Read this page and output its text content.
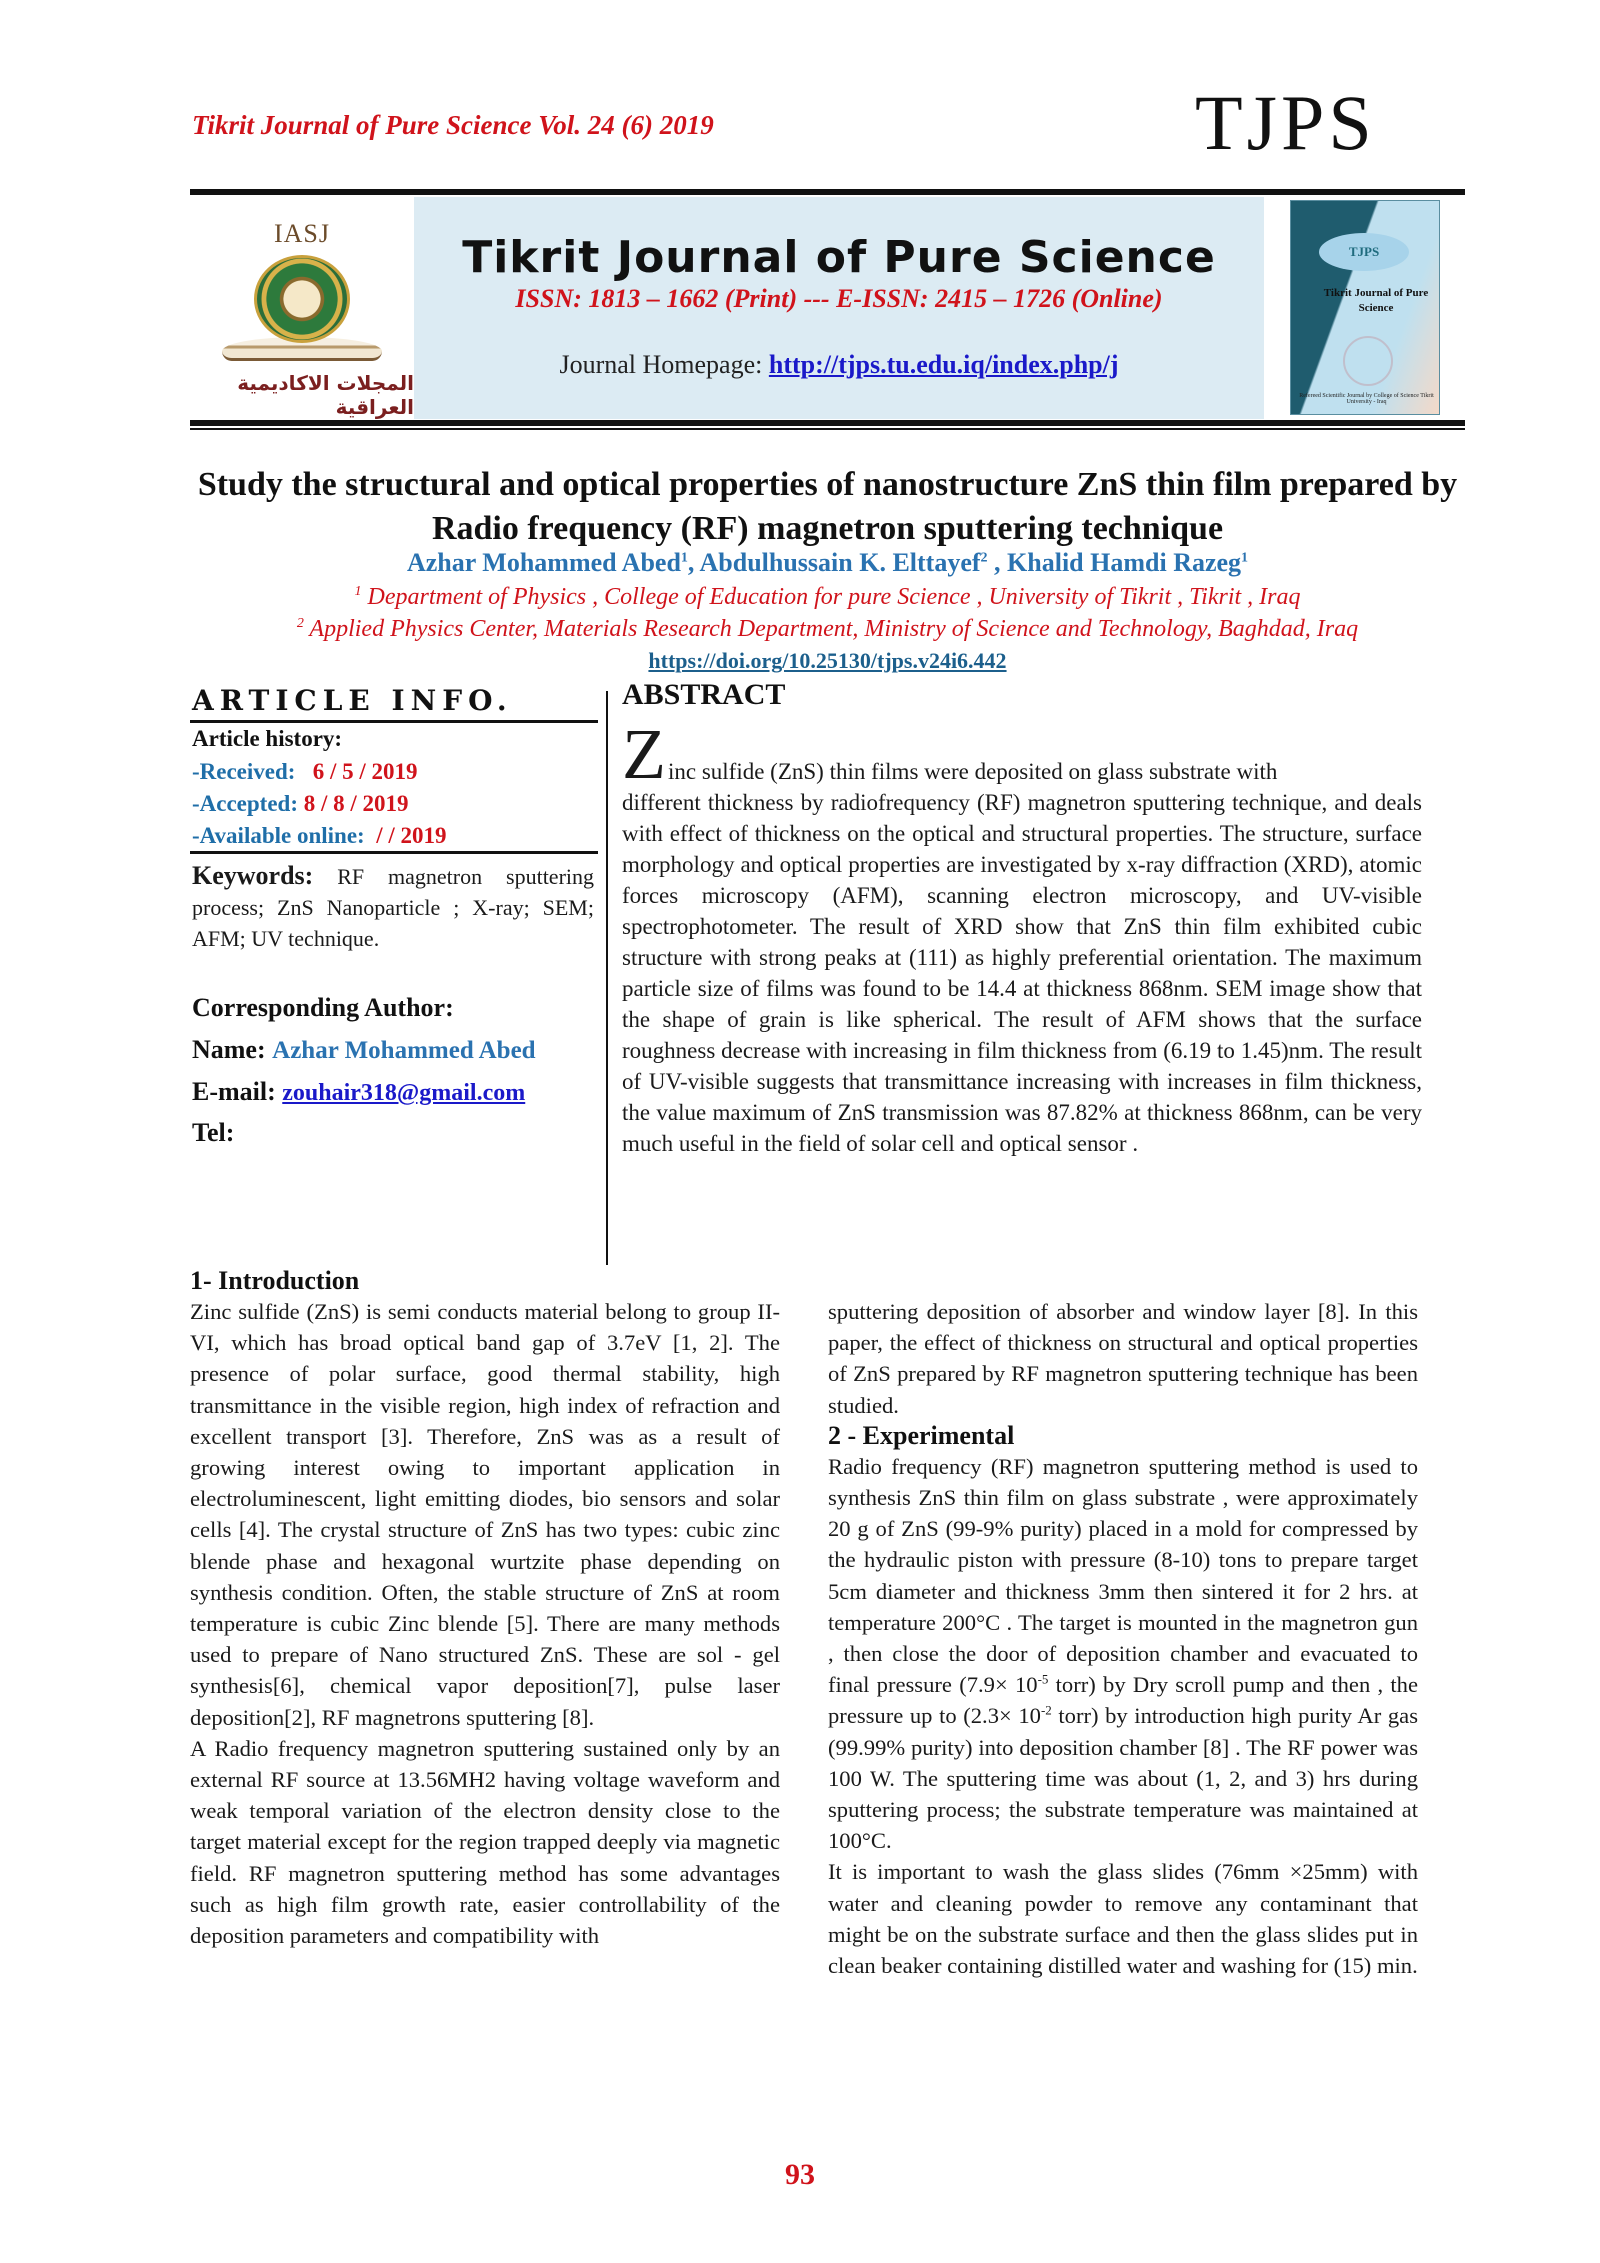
Tikrit Journal of Pure Science Vol. 24 (6) 2019	TJPS
IASJ
المجلات الاكاديمية العراقية
Tikrit Journal of Pure Science
ISSN: 1813 – 1662 (Print) --- E-ISSN: 2415 – 1726 (Online)
Journal Homepage: http://tjps.tu.edu.iq/index.php/j
TJPS
Tikrit Journal of Pure Science
Refereed Scientific Journal by College of Science Tikrit University - Iraq
Study the structural and optical properties of nanostructure ZnS thin film prepared by Radio frequency (RF) magnetron sputtering technique
Azhar Mohammed Abed$^1$, Abdulhussain K. Elttayef$^2$ , Khalid Hamdi Razeg$^1$
$^1$ Department of Physics , College of Education for pure Science , University of Tikrit , Tikrit , Iraq
$^2$ Applied Physics Center, Materials Research Department, Ministry of Science and Technology, Baghdad, Iraq
https://doi.org/10.25130/tjps.v24i6.442
ARTICLE INFO.
Article history:
-Received: 6 / 5 / 2019
-Accepted: 8 / 8 / 2019
-Available online: / / 2019
Keywords: RF magnetron sputtering process; ZnS Nanoparticle ; X-ray; SEM; AFM; UV technique.
Corresponding Author:
Name: Azhar Mohammed Abed
E-mail: zouhair318@gmail.com
Tel:
ABSTRACT
Z inc sulfide (ZnS) thin films were deposited on glass substrate with
different thickness by radiofrequency (RF) magnetron sputtering technique, and deals with effect of thickness on the optical and structural properties. The structure, surface morphology and optical properties are investigated by x-ray diffraction (XRD), atomic forces microscopy (AFM), scanning electron microscopy, and UV-visible spectrophotometer. The result of XRD show that ZnS thin film exhibited cubic structure with strong peaks at (111) as highly preferential orientation. The maximum particle size of films was found to be 14.4 at thickness 868nm. SEM image show that the shape of grain is like spherical. The result of AFM shows that the surface roughness decrease with increasing in film thickness from (6.19 to 1.45)nm. The result of UV-visible suggests that transmittance increasing with increases in film thickness, the value maximum of ZnS transmission was 87.82% at thickness 868nm, can be very much useful in the field of solar cell and optical sensor .
1- Introduction

Zinc sulfide (ZnS) is semi conducts material belong to group II-VI, which has broad optical band gap of 3.7eV [1, 2]. The presence of polar surface, good thermal stability, high transmittance in the visible region, high index of refraction and excellent transport [3]. Therefore, ZnS was as a result of growing interest owing to important application in electroluminescent, light emitting diodes, bio sensors and solar cells [4]. The crystal structure of ZnS has two types: cubic zinc blende phase and hexagonal wurtzite phase depending on synthesis condition. Often, the stable structure of ZnS at room temperature is cubic Zinc blende [5]. There are many methods used to prepare of Nano structured ZnS. These are sol - gel synthesis[6], chemical vapor deposition[7], pulse laser deposition[2], RF magnetrons sputtering [8].

A Radio frequency magnetron sputtering sustained only by an external RF source at 13.56MH2 having voltage waveform and weak temporal variation of the electron density close to the target material except for the region trapped deeply via magnetic field. RF magnetron sputtering method has some advantages such as high film growth rate, easier controllability of the deposition parameters and compatibility with

sputtering deposition of absorber and window layer [8]. In this paper, the effect of thickness on structural and optical properties of ZnS prepared by RF magnetron sputtering technique has been studied.

2 - Experimental

Radio frequency (RF) magnetron sputtering method is used to synthesis ZnS thin film on glass substrate , were approximately 20 g of ZnS (99-9% purity) placed in a mold for compressed by the hydraulic piston with pressure (8-10) tons to prepare target 5cm diameter and thickness 3mm then sintered it for 2 hrs. at temperature 200°C . The target is mounted in the magnetron gun , then close the door of deposition chamber and evacuated to final pressure ($7.9\times 10^{-5}$ torr) by Dry scroll pump and then , the pressure up to ($2.3\times 10^{-2}$ torr) by introduction high purity Ar gas (99.99% purity) into deposition chamber [8] . The RF power was 100 W. The sputtering time was about (1, 2, and 3) hrs during sputtering process; the substrate temperature was maintained at 100°C.

It is important to wash the glass slides (76mm ×25mm) with water and cleaning powder to remove any contaminant that might be on the substrate surface and then the glass slides put in clean beaker containing distilled water and washing for (15) min.

93
